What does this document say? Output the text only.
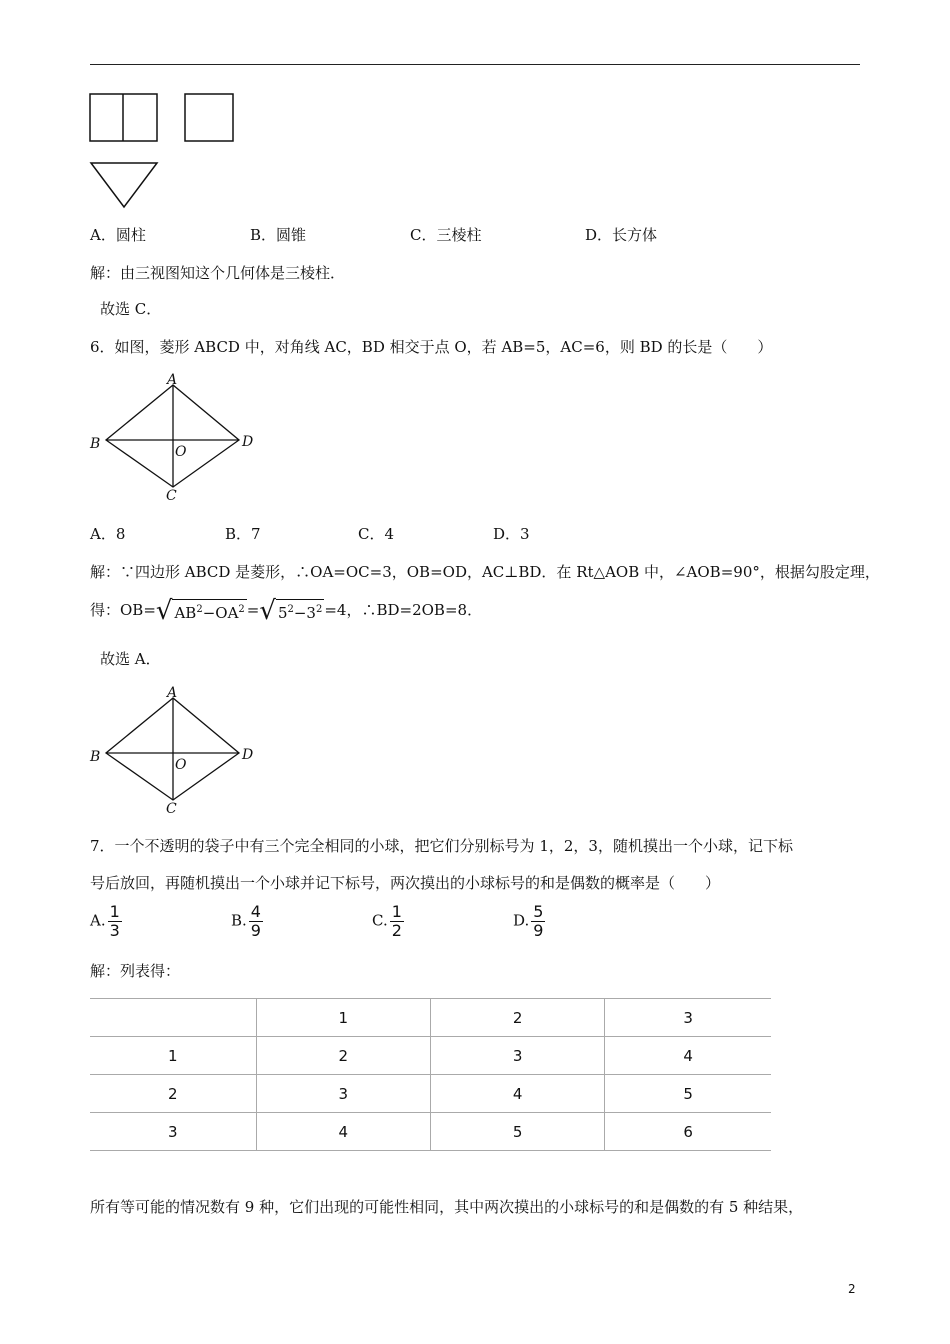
A．圆柱	B．圆锥	C．三棱柱	D．长方体
解：由三视图知这个几何体是三棱柱．
故选 C．
6．如图，菱形 ABCD 中，对角线 AC，BD 相交于点 O，若 AB=5，AC=6，则 BD 的长是（　　）
A
B
C
D
O
A．8	B．7	C．4	D．3
解：∵四边形 ABCD 是菱形，∴OA=OC=3，OB=OD，AC⊥BD．在 Rt△AOB 中，∠AOB=90°，根据勾股定理，
得：OB=√ $AB^2-OA^2$ =√ $5^2-3^2 =4$，∴BD=2OB=8．
故选 A．
A
B
C
D
O
7．一个不透明的袋子中有三个完全相同的小球，把它们分别标号为 1，2，3，随机摸出一个小球，记下标
号后放回，再随机摸出一个小球并记下标号，两次摸出的小球标号的和是偶数的概率是（　　）
A. $\frac{1}{3}$	B. $\frac{4}{9}$	C. $\frac{1}{2}$	D. $\frac{5}{9}$
解：列表得：
	1	2	3
1	2	3	4
2	3	4	5
3	4	5	6
所有等可能的情况数有 9 种，它们出现的可能性相同，其中两次摸出的小球标号的和是偶数的有 5 种结果，
2
